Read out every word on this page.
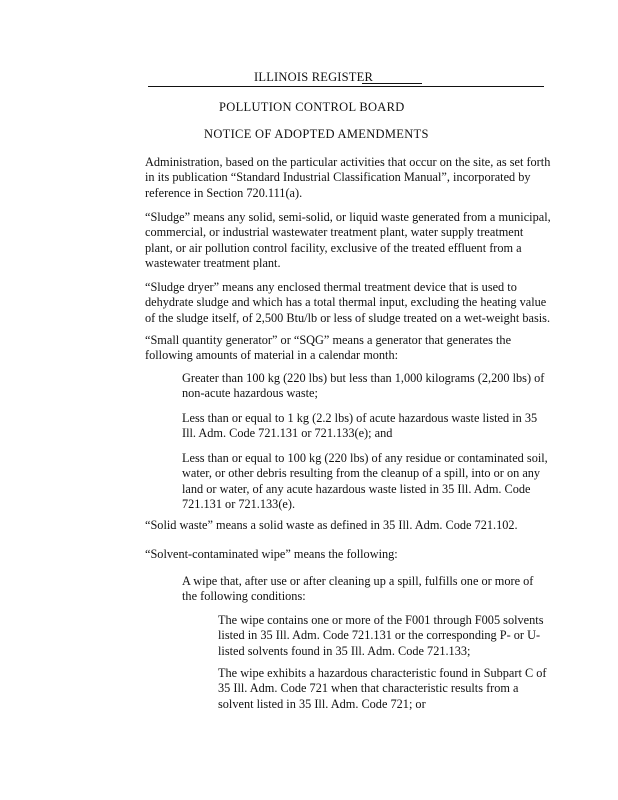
ILLINOIS REGISTER
POLLUTION CONTROL BOARD
NOTICE OF ADOPTED AMENDMENTS

Administration, based on the particular activities that occur on the site, as set forth
in its publication “Standard Industrial Classification Manual”, incorporated by
reference in Section 720.111(a).

“Sludge” means any solid, semi-solid, or liquid waste generated from a municipal,
commercial, or industrial wastewater treatment plant, water supply treatment
plant, or air pollution control facility, exclusive of the treated effluent from a
wastewater treatment plant.

“Sludge dryer” means any enclosed thermal treatment device that is used to
dehydrate sludge and which has a total thermal input, excluding the heating value
of the sludge itself, of 2,500 Btu/lb or less of sludge treated on a wet-weight basis.

“Small quantity generator” or “SQG” means a generator that generates the
following amounts of material in a calendar month:

Greater than 100 kg (220 lbs) but less than 1,000 kilograms (2,200 lbs) of
non-acute hazardous waste;

Less than or equal to 1 kg (2.2 lbs) of acute hazardous waste listed in 35
Ill. Adm. Code 721.131 or 721.133(e); and

Less than or equal to 100 kg (220 lbs) of any residue or contaminated soil,
water, or other debris resulting from the cleanup of a spill, into or on any
land or water, of any acute hazardous waste listed in 35 Ill. Adm. Code
721.131 or 721.133(e).

“Solid waste” means a solid waste as defined in 35 Ill. Adm. Code 721.102.

“Solvent-contaminated wipe” means the following:

A wipe that, after use or after cleaning up a spill, fulfills one or more of
the following conditions:

The wipe contains one or more of the F001 through F005 solvents
listed in 35 Ill. Adm. Code 721.131 or the corresponding P- or U-
listed solvents found in 35 Ill. Adm. Code 721.133;

The wipe exhibits a hazardous characteristic found in Subpart C of
35 Ill. Adm. Code 721 when that characteristic results from a
solvent listed in 35 Ill. Adm. Code 721; or
